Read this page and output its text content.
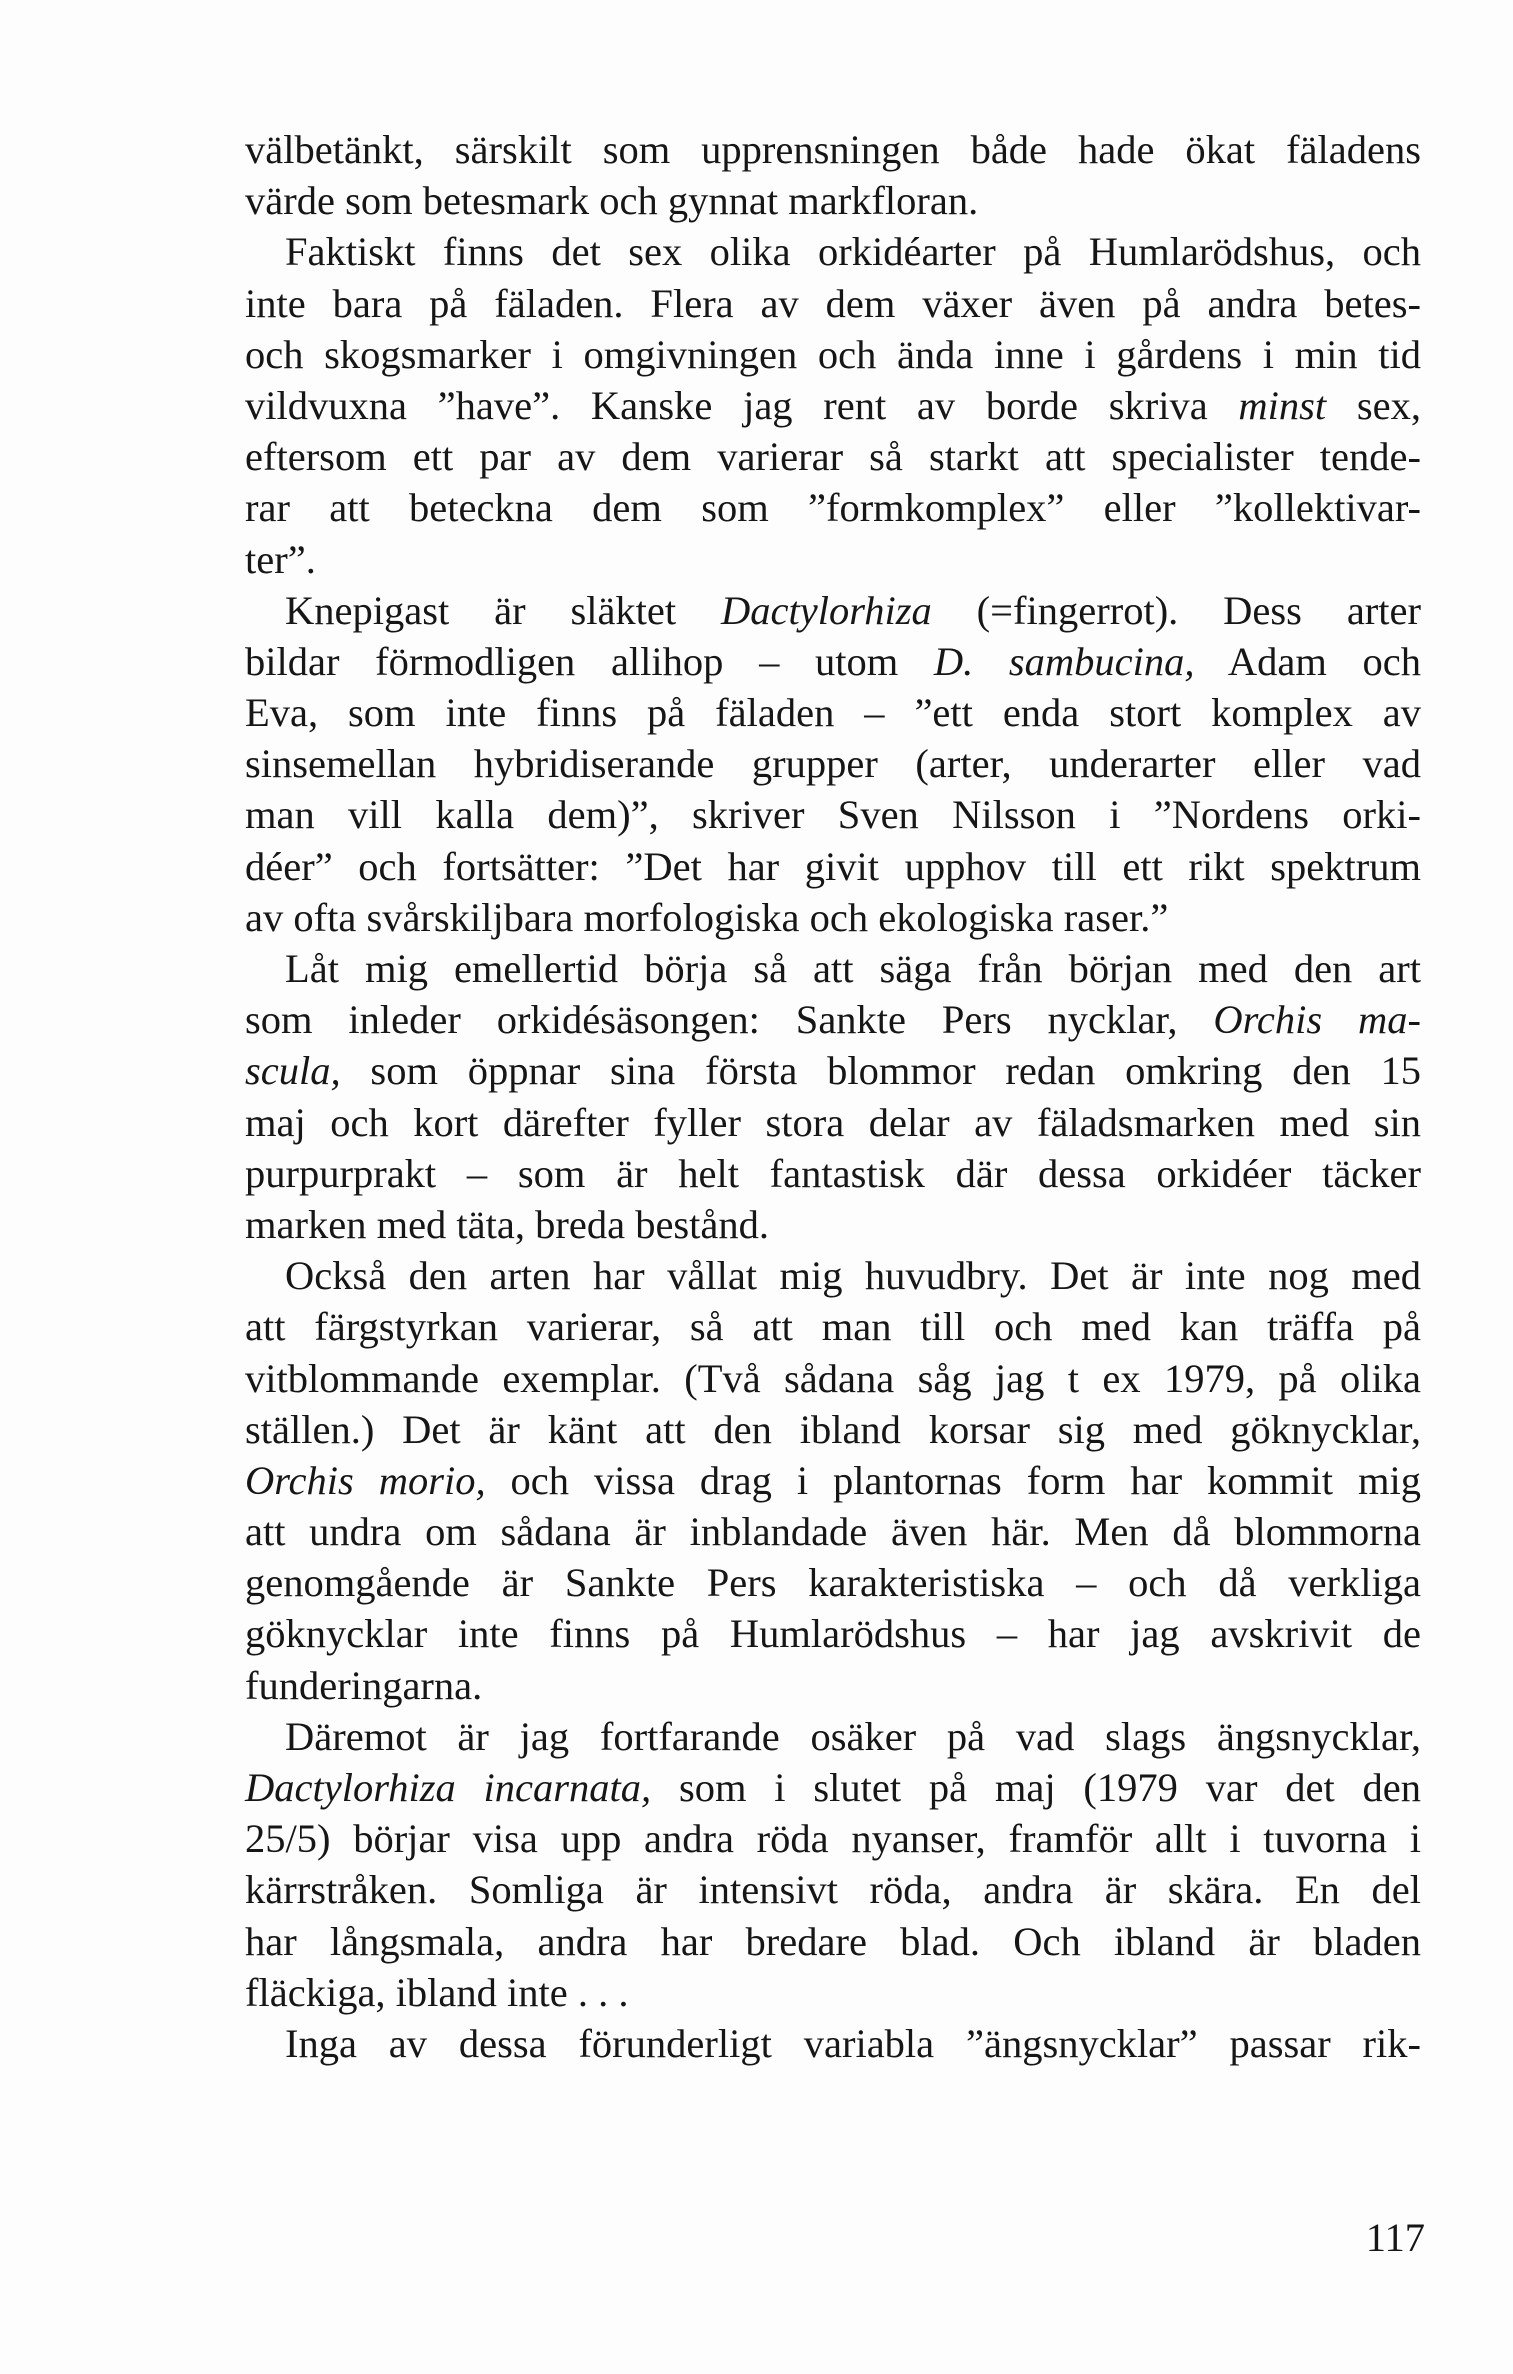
välbetänkt, särskilt som upprensningen både hade ökat fäladens
värde som betesmark och gynnat markfloran.
Faktiskt finns det sex olika orkidéarter på Humlarödshus, och
inte bara på fäladen. Flera av dem växer även på andra betes-
och skogsmarker i omgivningen och ända inne i gårdens i min tid
vildvuxna ”have”. Kanske jag rent av borde skriva minst sex,
eftersom ett par av dem varierar så starkt att specialister tende-
rar att beteckna dem som ”formkomplex” eller ”kollektivar-
ter”.
Knepigast är släktet Dactylorhiza (=fingerrot). Dess arter
bildar förmodligen allihop – utom D. sambucina, Adam och
Eva, som inte finns på fäladen – ”ett enda stort komplex av
sinsemellan hybridiserande grupper (arter, underarter eller vad
man vill kalla dem)”, skriver Sven Nilsson i ”Nordens orki-
déer” och fortsätter: ”Det har givit upphov till ett rikt spektrum
av ofta svårskiljbara morfologiska och ekologiska raser.”
Låt mig emellertid börja så att säga från början med den art
som inleder orkidésäsongen: Sankte Pers nycklar, Orchis ma-
scula, som öppnar sina första blommor redan omkring den 15
maj och kort därefter fyller stora delar av fäladsmarken med sin
purpurprakt – som är helt fantastisk där dessa orkidéer täcker
marken med täta, breda bestånd.
Också den arten har vållat mig huvudbry. Det är inte nog med
att färgstyrkan varierar, så att man till och med kan träffa på
vitblommande exemplar. (Två sådana såg jag t ex 1979, på olika
ställen.) Det är känt att den ibland korsar sig med göknycklar,
Orchis morio, och vissa drag i plantornas form har kommit mig
att undra om sådana är inblandade även här. Men då blommorna
genomgående är Sankte Pers karakteristiska – och då verkliga
göknycklar inte finns på Humlarödshus – har jag avskrivit de
funderingarna.
Däremot är jag fortfarande osäker på vad slags ängsnycklar,
Dactylorhiza incarnata, som i slutet på maj (1979 var det den
25/5) börjar visa upp andra röda nyanser, framför allt i tuvorna i
kärrstråken. Somliga är intensivt röda, andra är skära. En del
har långsmala, andra har bredare blad. Och ibland är bladen
fläckiga, ibland inte . . .
Inga av dessa förunderligt variabla ”ängsnycklar” passar rik-
117
